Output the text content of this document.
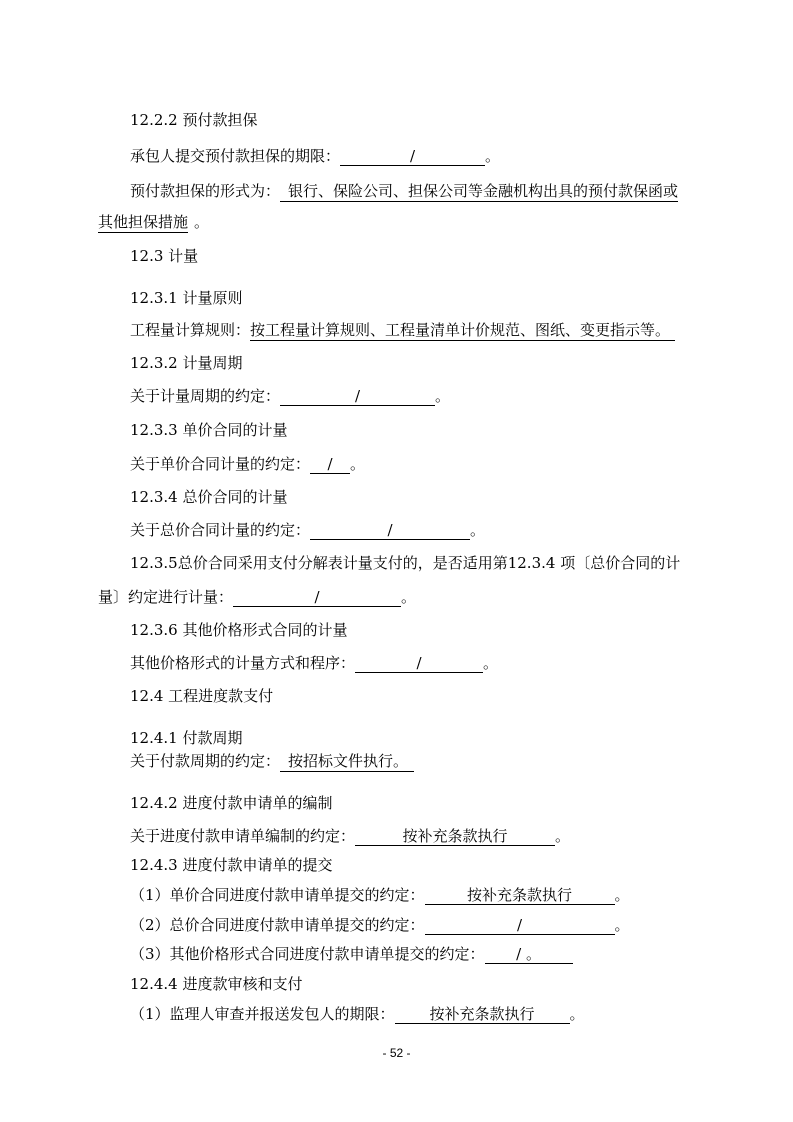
12.2.2 预付款担保
承包人提交预付款担保的期限：	/	。
预付款担保的形式为： 银行、保险公司、担保公司等金融机构出具的预付款保函或
其他担保措施 。
12.3 计量
12.3.1 计量原则
工程量计算规则：按工程量计算规则、工程量清单计价规范、图纸、变更指示等。
12.3.2 计量周期
关于计量周期的约定：	/	。
12.3.3 单价合同的计量
关于单价合同计量的约定： / 。
12.3.4 总价合同的计量
关于总价合同计量的约定：	/	。
12.3.5总价合同采用支付分解表计量支付的，是否适用第12.3.4 项〔总价合同的计
量〕约定进行计量：	/	。
12.3.6 其他价格形式合同的计量
其他价格形式的计量方式和程序：	/	。
12.4 工程进度款支付
12.4.1 付款周期
关于付款周期的约定： 按招标文件执行。
12.4.2 进度付款申请单的编制
关于进度付款申请单编制的约定：	按补充条款执行	。
12.4.3 进度付款申请单的提交
（1）单价合同进度付款申请单提交的约定：	按补充条款执行	。
（2）总价合同进度付款申请单提交的约定：	/	。
（3）其他价格形式合同进度付款申请单提交的约定： / 。
12.4.4 进度款审核和支付
（1）监理人审查并报送发包人的期限： 按补充条款执行 。
- 52 -
